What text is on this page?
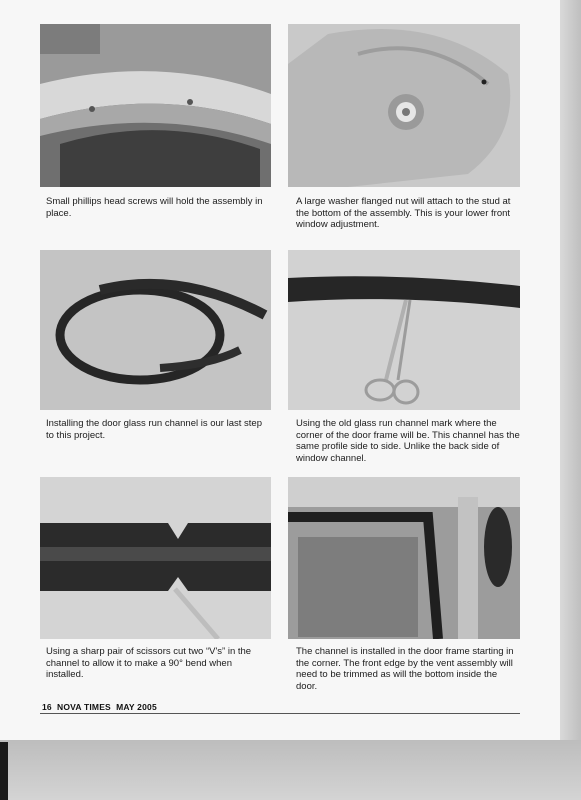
Small phillips head screws will hold the assembly in place.

A large washer flanged nut will attach to the stud at the bottom of the assembly. This is your lower front window adjustment.

Installing the door glass run channel is our last step to this project.

Using the old glass run channel mark where the corner of the door frame will be. This channel has the same profile side to side. Unlike the back side of window channel.

Using a sharp pair of scissors cut two “V's” in the channel to allow it to make a 90° bend when installed.

The channel is installed in the door frame starting in the corner. The front edge by the vent assembly will need to be trimmed as will the bottom inside the door.

16 NOVA TIMES MAY 2005
